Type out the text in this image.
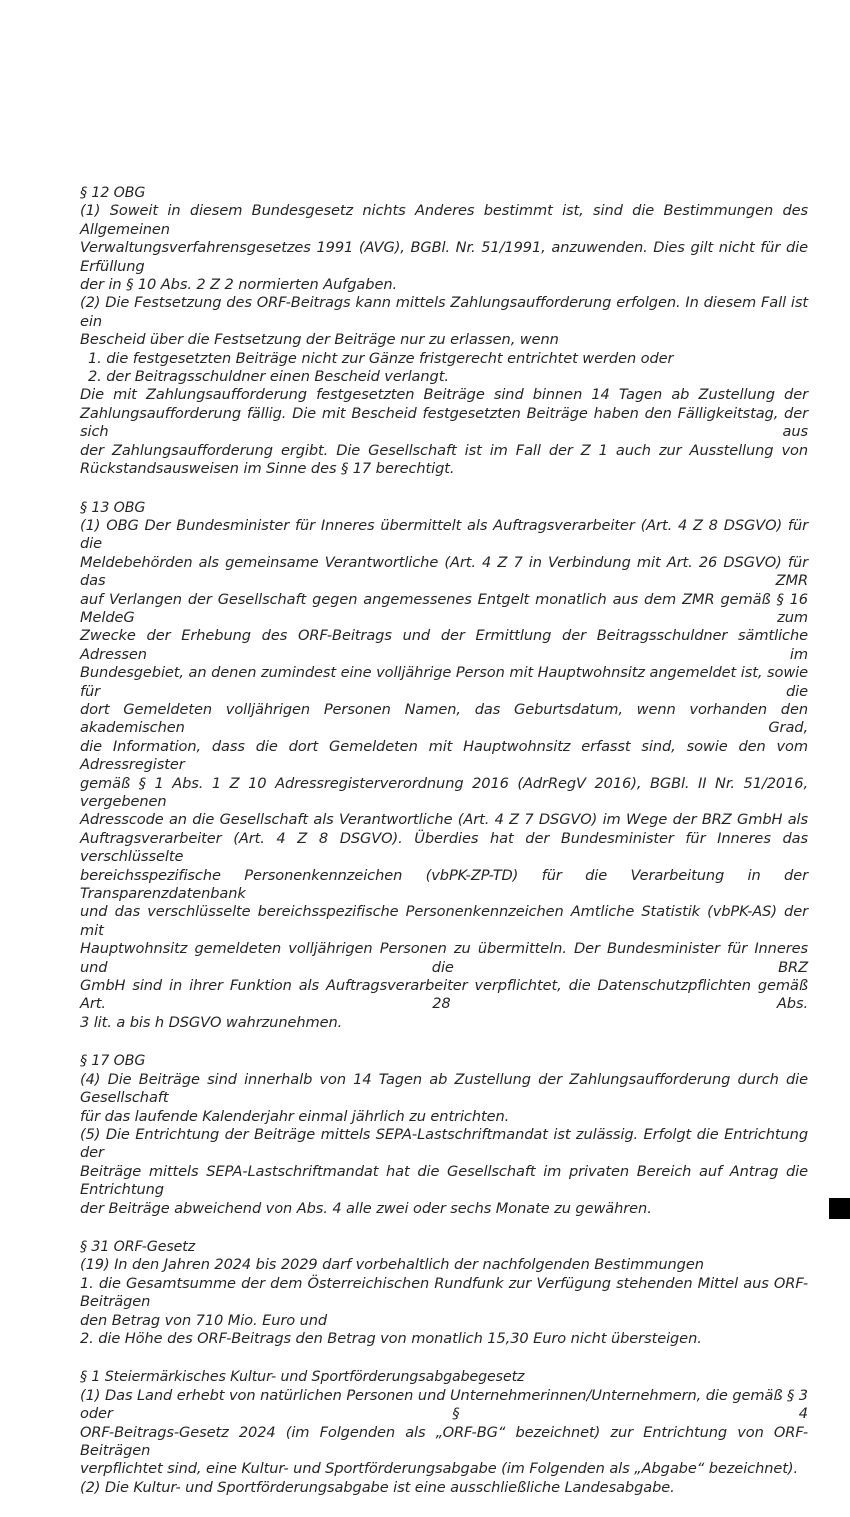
§ 12 OBG
(1) Soweit in diesem Bundesgesetz nichts Anderes bestimmt ist, sind die Bestimmungen des Allgemeinen
Verwaltungsverfahrensgesetzes 1991 (AVG), BGBl. Nr. 51/1991, anzuwenden. Dies gilt nicht für die Erfüllung
der in § 10 Abs. 2 Z 2 normierten Aufgaben.
(2) Die Festsetzung des ORF-Beitrags kann mittels Zahlungsaufforderung erfolgen. In diesem Fall ist ein
Bescheid über die Festsetzung der Beiträge nur zu erlassen, wenn
1. die festgesetzten Beiträge nicht zur Gänze fristgerecht entrichtet werden oder
2. der Beitragsschuldner einen Bescheid verlangt.
Die mit Zahlungsaufforderung festgesetzten Beiträge sind binnen 14 Tagen ab Zustellung der
Zahlungsaufforderung fällig. Die mit Bescheid festgesetzten Beiträge haben den Fälligkeitstag, der sich aus
der Zahlungsaufforderung ergibt. Die Gesellschaft ist im Fall der Z 1 auch zur Ausstellung von
Rückstandsausweisen im Sinne des § 17 berechtigt.
§ 13 OBG
(1) OBG Der Bundesminister für Inneres übermittelt als Auftragsverarbeiter (Art. 4 Z 8 DSGVO) für die
Meldebehörden als gemeinsame Verantwortliche (Art. 4 Z 7 in Verbindung mit Art. 26 DSGVO) für das ZMR
auf Verlangen der Gesellschaft gegen angemessenes Entgelt monatlich aus dem ZMR gemäß § 16 MeldeG zum
Zwecke der Erhebung des ORF-Beitrags und der Ermittlung der Beitragsschuldner sämtliche Adressen im
Bundesgebiet, an denen zumindest eine volljährige Person mit Hauptwohnsitz angemeldet ist, sowie für die
dort Gemeldeten volljährigen Personen Namen, das Geburtsdatum, wenn vorhanden den akademischen Grad,
die Information, dass die dort Gemeldeten mit Hauptwohnsitz erfasst sind, sowie den vom Adressregister
gemäß § 1 Abs. 1 Z 10 Adressregisterverordnung 2016 (AdrRegV 2016), BGBl. II Nr. 51/2016, vergebenen
Adresscode an die Gesellschaft als Verantwortliche (Art. 4 Z 7 DSGVO) im Wege der BRZ GmbH als
Auftragsverarbeiter (Art. 4 Z 8 DSGVO). Überdies hat der Bundesminister für Inneres das verschlüsselte
bereichsspezifische Personenkennzeichen (vbPK-ZP-TD) für die Verarbeitung in der Transparenzdatenbank
und das verschlüsselte bereichsspezifische Personenkennzeichen Amtliche Statistik (vbPK-AS) der mit
Hauptwohnsitz gemeldeten volljährigen Personen zu übermitteln. Der Bundesminister für Inneres und die BRZ
GmbH sind in ihrer Funktion als Auftragsverarbeiter verpflichtet, die Datenschutzpflichten gemäß Art. 28 Abs.
3 lit. a bis h DSGVO wahrzunehmen.
§ 17 OBG
(4) Die Beiträge sind innerhalb von 14 Tagen ab Zustellung der Zahlungsaufforderung durch die Gesellschaft
für das laufende Kalenderjahr einmal jährlich zu entrichten.
(5) Die Entrichtung der Beiträge mittels SEPA-Lastschriftmandat ist zulässig. Erfolgt die Entrichtung der
Beiträge mittels SEPA-Lastschriftmandat hat die Gesellschaft im privaten Bereich auf Antrag die Entrichtung
der Beiträge abweichend von Abs. 4 alle zwei oder sechs Monate zu gewähren.
§ 31 ORF-Gesetz
(19) In den Jahren 2024 bis 2029 darf vorbehaltlich der nachfolgenden Bestimmungen
1. die Gesamtsumme der dem Österreichischen Rundfunk zur Verfügung stehenden Mittel aus ORF-Beiträgen
den Betrag von 710 Mio. Euro und
2. die Höhe des ORF-Beitrags den Betrag von monatlich 15,30 Euro nicht übersteigen.
§ 1 Steiermärkisches Kultur- und Sportförderungsabgabegesetz
(1) Das Land erhebt von natürlichen Personen und Unternehmerinnen/Unternehmern, die gemäß § 3 oder § 4
ORF-Beitrags-Gesetz 2024 (im Folgenden als „ORF-BG“ bezeichnet) zur Entrichtung von ORF-Beiträgen
verpflichtet sind, eine Kultur- und Sportförderungsabgabe (im Folgenden als „Abgabe“ bezeichnet).
(2) Die Kultur- und Sportförderungsabgabe ist eine ausschließliche Landesabgabe.
